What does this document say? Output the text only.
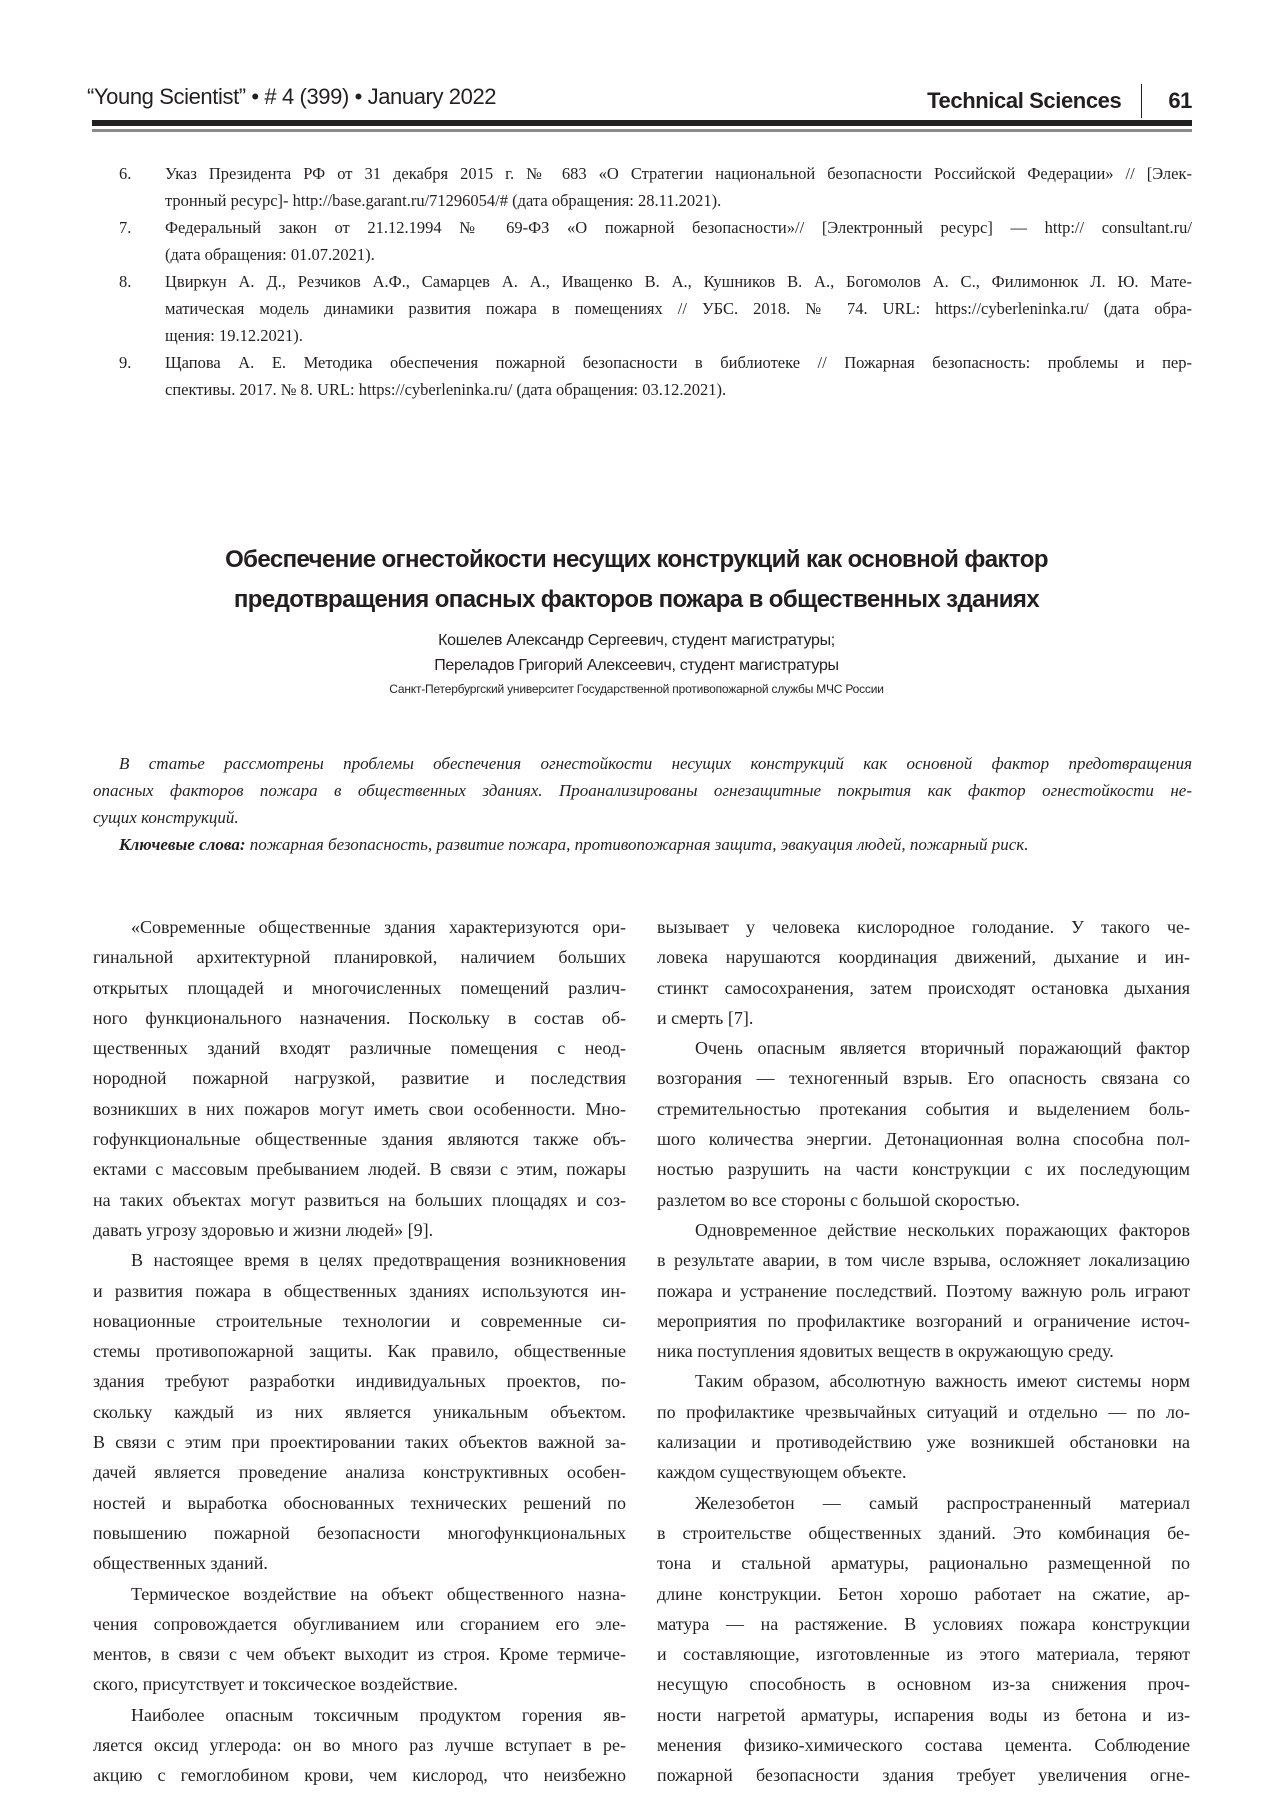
“Young Scientist” • # 4 (399) • January 2022	Technical Sciences 61
6. Указ Президента РФ от 31 декабря 2015 г. № 683 «О Стратегии национальной безопасности Российской Федерации» // [Элек-
тронный ресурс]- http://base.garant.ru/71296054/# (дата обращения: 28.11.2021).
7. Федеральный закон от 21.12.1994 № 69-ФЗ «О пожарной безопасности»// [Электронный ресурс] — http:// consultant.ru/
(дата обращения: 01.07.2021).
8. Цвиркун А. Д., Резчиков А.Ф., Самарцев А. А., Иващенко В. А., Кушников В. А., Богомолов А. С., Филимонюк Л. Ю. Мате-
матическая модель динамики развития пожара в помещениях // УБС. 2018. № 74. URL: https://cyberleninka.ru/ (дата обра-
щения: 19.12.2021).
9. Щапова А. Е. Методика обеспечения пожарной безопасности в библиотеке // Пожарная безопасность: проблемы и пер-
спективы. 2017. № 8. URL: https://cyberleninka.ru/ (дата обращения: 03.12.2021).
Обеспечение огнестойкости несущих конструкций как основной фактор
предотвращения опасных факторов пожара в общественных зданиях
Кошелев Александр Сергеевич, студент магистратуры;
Переладов Григорий Алексеевич, студент магистратуры
Санкт-Петербургский университет Государственной противопожарной службы МЧС России
В статье рассмотрены проблемы обеспечения огнестойкости несущих конструкций как основной фактор предотвращения
опасных факторов пожара в общественных зданиях. Проанализированы огнезащитные покрытия как фактор огнестойкости не-
сущих конструкций.
Ключевые слова: пожарная безопасность, развитие пожара, противопожарная защита, эвакуация людей, пожарный риск.
«Современные общественные здания характеризуются ори-
гинальной архитектурной планировкой, наличием больших
открытых площадей и многочисленных помещений различ-
ного функционального назначения. Поскольку в состав об-
щественных зданий входят различные помещения с неод-
нородной пожарной нагрузкой, развитие и последствия
возникших в них пожаров могут иметь свои особенности. Мно-
гофункциональные общественные здания являются также объ-
ектами с массовым пребыванием людей. В связи с этим, пожары
на таких объектах могут развиться на больших площадях и соз-
давать угрозу здоровью и жизни людей» [9].
В настоящее время в целях предотвращения возникновения
и развития пожара в общественных зданиях используются ин-
новационные строительные технологии и современные си-
стемы противопожарной защиты. Как правило, общественные
здания требуют разработки индивидуальных проектов, по-
скольку каждый из них является уникальным объектом.
В связи с этим при проектировании таких объектов важной за-
дачей является проведение анализа конструктивных особен-
ностей и выработка обоснованных технических решений по
повышению пожарной безопасности многофункциональных
общественных зданий.
Термическое воздействие на объект общественного назна-
чения сопровождается обугливанием или сгоранием его эле-
ментов, в связи с чем объект выходит из строя. Кроме термиче-
ского, присутствует и токсическое воздействие.
Наиболее опасным токсичным продуктом горения яв-
ляется оксид углерода: он во много раз лучше вступает в ре-
акцию с гемоглобином крови, чем кислород, что неизбежно
вызывает у человека кислородное голодание. У такого че-
ловека нарушаются координация движений, дыхание и ин-
стинкт самосохранения, затем происходят остановка дыхания
и смерть [7].
Очень опасным является вторичный поражающий фактор
возгорания — техногенный взрыв. Его опасность связана со
стремительностью протекания события и выделением боль-
шого количества энергии. Детонационная волна способна пол-
ностью разрушить на части конструкции с их последующим
разлетом во все стороны с большой скоростью.
Одновременное действие нескольких поражающих факторов
в результате аварии, в том числе взрыва, осложняет локализацию
пожара и устранение последствий. Поэтому важную роль играют
мероприятия по профилактике возгораний и ограничение источ-
ника поступления ядовитых веществ в окружающую среду.
Таким образом, абсолютную важность имеют системы норм
по профилактике чрезвычайных ситуаций и отдельно — по ло-
кализации и противодействию уже возникшей обстановки на
каждом существующем объекте.
Железобетон — самый распространенный материал
в строительстве общественных зданий. Это комбинация бе-
тона и стальной арматуры, рационально размещенной по
длине конструкции. Бетон хорошо работает на сжатие, ар-
матура — на растяжение. В условиях пожара конструкции
и составляющие, изготовленные из этого материала, теряют
несущую способность в основном из-за снижения проч-
ности нагретой арматуры, испарения воды из бетона и из-
менения физико-химического состава цемента. Соблюдение
пожарной безопасности здания требует увеличения огне-
